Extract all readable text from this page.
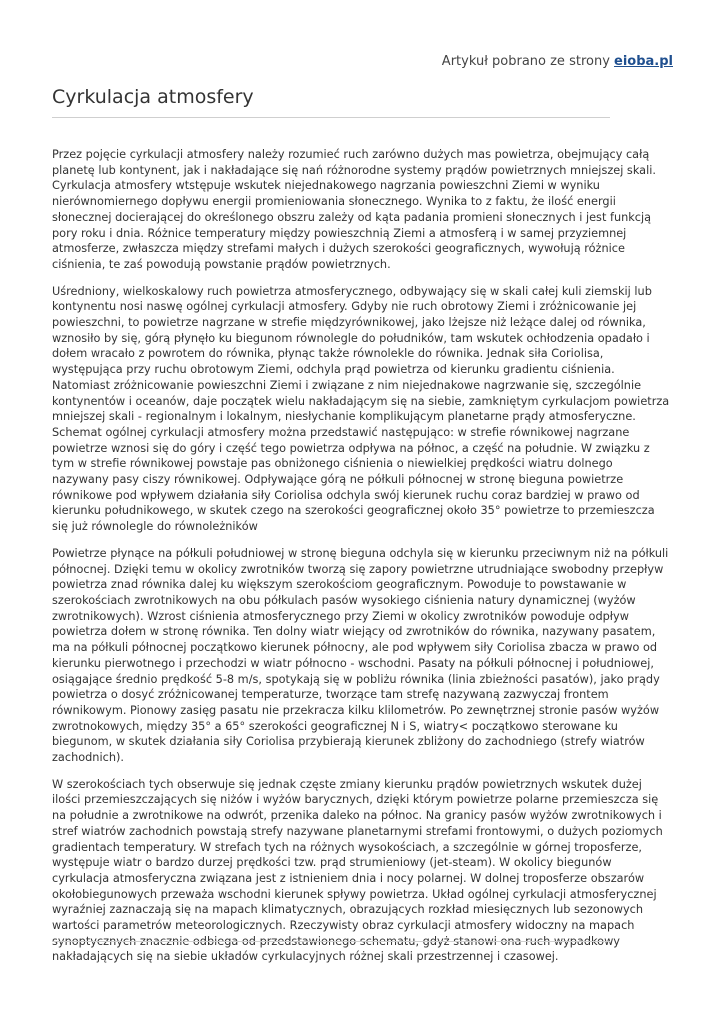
Artykuł pobrano ze strony eioba.pl
Cyrkulacja atmosfery

Przez pojęcie cyrkulacji atmosfery należy rozumieć ruch zarówno dużych mas powietrza, obejmujący całą planetę lub kontynent, jak i nakładające się nań różnorodne systemy prądów powietrznych mniejszej skali. Cyrkulacja atmosfery wtstępuje wskutek niejednakowego nagrzania powieszchni Ziemi w wyniku nierównomiernego dopływu energii promieniowania słonecznego. Wynika to z faktu, że ilość energii słonecznej docierającej do określonego obszru zależy od kąta padania promieni słonecznych i jest funkcją pory roku i dnia. Różnice temperatury między powieszchnią Ziemi a atmosferą i w samej przyziemnej atmosferze, zwłaszcza między strefami małych i dużych szerokości geograficznych, wywołują różnice ciśnienia, te zaś powodują powstanie prądów powietrznych.

Uśredniony, wielkoskalowy ruch powietrza atmosferycznego, odbywający się w skali całej kuli ziemskij lub kontynentu nosi naswę ogólnej cyrkulacji atmosfery. Gdyby nie ruch obrotowy Ziemi i zróżnicowanie jej powieszchni, to powietrze nagrzane w strefie międzyrównikowej, jako lżejsze niż leżące dalej od równika, wznosiło by się, górą płynęło ku biegunom równolegle do południków, tam wskutek ochłodzenia opadało i dołem wracało z powrotem do równika, płynąc także równolekle do równika. Jednak siła Coriolisa, występująca przy ruchu obrotowym Ziemi, odchyla prąd powietrza od kierunku gradientu ciśnienia. Natomiast zróżnicowanie powieszchni Ziemi i związane z nim niejednakowe nagrzwanie się, szczególnie kontynentów i oceanów, daje początek wielu nakładającym się na siebie, zamkniętym cyrkulacjom powietrza mniejszej skali - regionalnym i lokalnym, niesłychanie komplikującym planetarne prądy atmosferyczne. Schemat ogólnej cyrkulacji atmosfery można przedstawić następująco: w strefie równikowej nagrzane powietrze wznosi się do góry i część tego powietrza odpływa na północ, a część na południe. W związku z tym w strefie równikowej powstaje pas obniżonego ciśnienia o niewielkiej prędkości wiatru dolnego nazywany pasy ciszy równikowej. Odpływające górą ne półkuli północnej w stronę bieguna powietrze równikowe pod wpływem działania siły Coriolisa odchyla swój kierunek ruchu coraz bardziej w prawo od kierunku południkowego, w skutek czego na szerokości geograficznej około 35° powietrze to przemieszcza się już równolegle do równoleżników

Powietrze płynące na półkuli południowej w stronę bieguna odchyla się w kierunku przeciwnym niż na półkuli północnej. Dzięki temu w okolicy zwrotników tworzą się zapory powietrzne utrudniające swobodny przepływ powietrza znad równika dalej ku większym szerokościom geograficznym. Powoduje to powstawanie w szerokościach zwrotnikowych na obu półkulach pasów wysokiego ciśnienia natury dynamicznej (wyżów zwrotnikowych). Wzrost ciśnienia atmosferycznego przy Ziemi w okolicy zwrotników powoduje odpływ powietrza dołem w stronę równika. Ten dolny wiatr wiejący od zwrotników do równika, nazywany pasatem, ma na półkuli północnej początkowo kierunek północny, ale pod wpływem siły Coriolisa zbacza w prawo od kierunku pierwotnego i przechodzi w wiatr północno - wschodni. Pasaty na półkuli północnej i południowej, osiągające średnio prędkość 5-8 m/s, spotykają się w pobliżu równika (linia zbieżności pasatów), jako prądy powietrza o dosyć zróżnicowanej temperaturze, tworzące tam strefę nazywaną zazwyczaj frontem równikowym. Pionowy zasięg pasatu nie przekracza kilku klilometrów. Po zewnętrznej stronie pasów wyżów zwrotnokowych, między 35° a 65° szerokości geograficznej N i S, wiatry< początkowo sterowane ku biegunom, w skutek działania siły Coriolisa przybierają kierunek zbliżony do zachodniego (strefy wiatrów zachodnich).

W szerokościach tych obserwuje się jednak częste zmiany kierunku prądów powietrznych wskutek dużej ilości przemieszczających się niżów i wyżów barycznych, dzięki którym powietrze polarne przemieszcza się na południe a zwrotnikowe na odwrót, przenika daleko na północ. Na granicy pasów wyżów zwrotnikowych i stref wiatrów zachodnich powstają strefy nazywane planetarnymi strefami frontowymi, o dużych poziomych gradientach temperatury. W strefach tych na różnych wysokościach, a szczególnie w górnej troposferze, występuje wiatr o bardzo durzej prędkości tzw. prąd strumieniowy (jet-steam). W okolicy biegunów cyrkulacja atmosferyczna związana jest z istnieniem dnia i nocy polarnej. W dolnej troposferze obszarów okołobiegunowych przeważa wschodni kierunek spływy powietrza. Układ ogólnej cyrkulacji atmosferycznej wyraźniej zaznaczają się na mapach klimatycznych, obrazujących rozkład miesięcznych lub sezonowych wartości parametrów meteorologicznych. Rzeczywisty obraz cyrkulacji atmosfery widoczny na mapach synoptycznych znacznie odbiega od przedstawionego schematu, gdyż stanowi ona ruch wypadkowy nakładających się na siebie układów cyrkulacyjnych różnej skali przestrzennej i czasowej.
